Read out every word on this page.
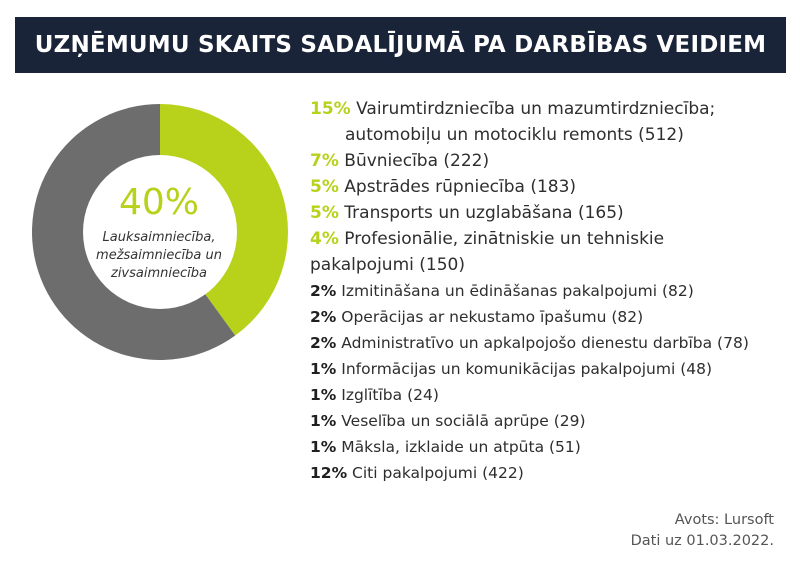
UZŅĒMUMU SKAITS SADALĪJUMĀ PA DARBĪBAS VEIDIEM
40%
Lauksaimniecība, mežsaimniecība un zivsaimniecība
15% Vairumtirdzniecība un mazumtirdzniecība;
automobiļu un motociklu remonts (512)
7% Būvniecība (222)
5% Apstrādes rūpniecība (183)
5% Transports un uzglabāšana (165)
4% Profesionālie, zinātniskie un tehniskie
pakalpojumi (150)
2% Izmitināšana un ēdināšanas pakalpojumi (82)
2% Operācijas ar nekustamo īpašumu (82)
2% Administratīvo un apkalpojošo dienestu darbība (78)
1% Informācijas un komunikācijas pakalpojumi (48)
1% Izglītība (24)
1% Veselība un sociālā aprūpe (29)
1% Māksla, izklaide un atpūta (51)
12% Citi pakalpojumi (422)
Avots: Lursoft
Dati uz 01.03.2022.
